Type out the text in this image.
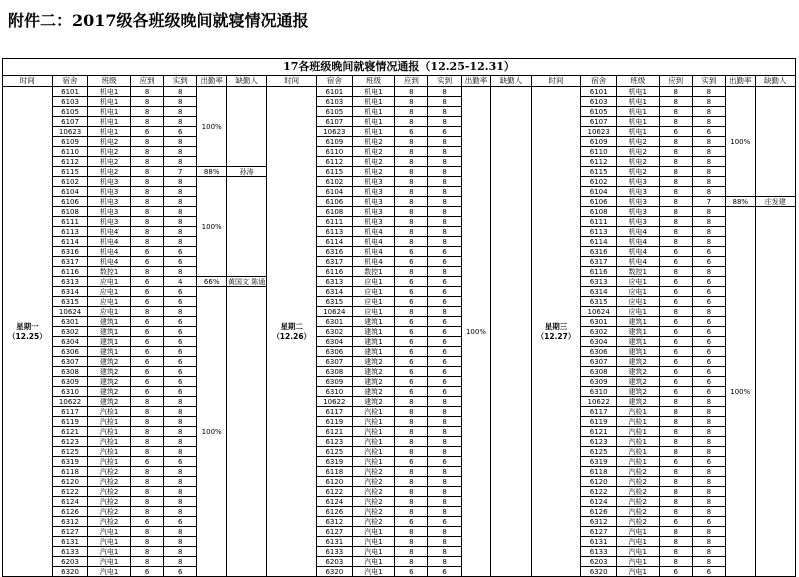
附件二：2017级各班级晚间就寝情况通报
17各班级晚间就寝情况通报（12.25-12.31）
时间	宿舍	班级	应到	实到	出勤率	缺勤人	时间	宿舍	班级	应到	实到	出勤率	缺勤人	时间	宿舍	班级	应到	实到	出勤率	缺勤人
星期一（12.25）	6101	机电1	8	8	100%		星期二（12.26）	6101	机电1	8	8	100%		星期三（12.27）	6101	机电1	8	8	100%	
	6103	机电1	8	8				6103	机电1	8	8				6103	机电1	8	8		
	6105	机电1	8	8				6105	机电1	8	8				6105	机电1	8	8		
	6107	机电1	8	8				6107	机电1	8	8				6107	机电1	8	8		
	10623	机电1	6	6				10623	机电1	6	6				10623	机电1	6	6		
	6109	机电2	8	8				6109	机电2	8	8				6109	机电2	8	8		
	6110	机电2	8	8				6110	机电2	8	8				6110	机电2	8	8		
	6112	机电2	8	8				6112	机电2	8	8				6112	机电2	8	8		
	6115	机电2	8	7	88%	孙涛		6115	机电2	8	8				6115	机电2	8	8		
	6102	机电3	8	8	100%			6102	机电3	8	8				6102	机电3	8	8		
	6104	机电3	8	8				6104	机电3	8	8				6104	机电3	8	8		
	6106	机电3	8	8				6106	机电3	8	8				6106	机电3	8	7	88%	庄发建
	6108	机电3	8	8				6108	机电3	8	8				6108	机电3	8	8	100%	
	6111	机电3	8	8				6111	机电3	8	8				6111	机电3	8	8		
	6113	机电4	8	8				6113	机电4	8	8				6113	机电4	8	8		
	6114	机电4	8	8				6114	机电4	8	8				6114	机电4	8	8		
	6316	机电4	6	6				6316	机电4	6	6				6316	机电4	6	6		
	6317	机电4	6	6				6317	机电4	6	6				6317	机电4	6	6		
	6116	数控1	8	8				6116	数控1	8	8				6116	数控1	8	8		
	6313	应电1	6	4	66%	黄国文 陈通		6313	应电1	6	6				6313	应电1	6	6		
	6314	应电1	6	6	100%			6314	应电1	6	6				6314	应电1	6	6		
	6315	应电1	6	6				6315	应电1	6	6				6315	应电1	6	6		
	10624	应电1	8	8				10624	应电1	8	8				10624	应电1	8	8		
	6301	建筑1	6	6				6301	建筑1	6	6				6301	建筑1	6	6		
	6302	建筑1	6	6				6302	建筑1	6	6				6302	建筑1	6	6		
	6304	建筑1	6	6				6304	建筑1	6	6				6304	建筑1	6	6		
	6306	建筑1	6	6				6306	建筑1	6	6				6306	建筑1	6	6		
	6307	建筑2	6	6				6307	建筑2	6	6				6307	建筑2	6	6		
	6308	建筑2	6	6				6308	建筑2	6	6				6308	建筑2	6	6		
	6309	建筑2	6	6				6309	建筑2	6	6				6309	建筑2	6	6		
	6310	建筑2	6	6				6310	建筑2	6	6				6310	建筑2	6	6		
	10622	建筑2	8	8				10622	建筑2	8	8				10622	建筑2	8	8		
	6117	汽检1	8	8				6117	汽检1	8	8				6117	汽检1	8	8		
	6119	汽检1	8	8				6119	汽检1	8	8				6119	汽检1	8	8		
	6121	汽检1	8	8				6121	汽检1	8	8				6121	汽检1	8	8		
	6123	汽检1	8	8				6123	汽检1	8	8				6123	汽检1	8	8		
	6125	汽检1	8	8				6125	汽检1	8	8				6125	汽检1	8	8		
	6319	汽检1	6	6				6319	汽检1	6	6				6319	汽检1	6	6		
	6118	汽检2	8	8				6118	汽检2	8	8				6118	汽检2	8	8		
	6120	汽检2	8	8				6120	汽检2	8	8				6120	汽检2	8	8		
	6122	汽检2	8	8				6122	汽检2	8	8				6122	汽检2	8	8		
	6124	汽检2	8	8				6124	汽检2	8	8				6124	汽检2	8	8		
	6126	汽检2	8	8				6126	汽检2	8	8				6126	汽检2	8	8		
	6312	汽检2	6	6				6312	汽检2	6	6				6312	汽检2	6	6		
	6127	汽电1	8	8				6127	汽电1	8	8				6127	汽电1	8	8		
	6131	汽电1	8	8				6131	汽电1	8	8				6131	汽电1	8	8		
	6133	汽电1	8	8				6133	汽电1	8	8				6133	汽电1	8	8		
	6203	汽电1	8	8				6203	汽电1	8	8				6203	汽电1	8	8		
	6320	汽电1	6	6				6320	汽电1	6	6				6320	汽电1	6	6		
